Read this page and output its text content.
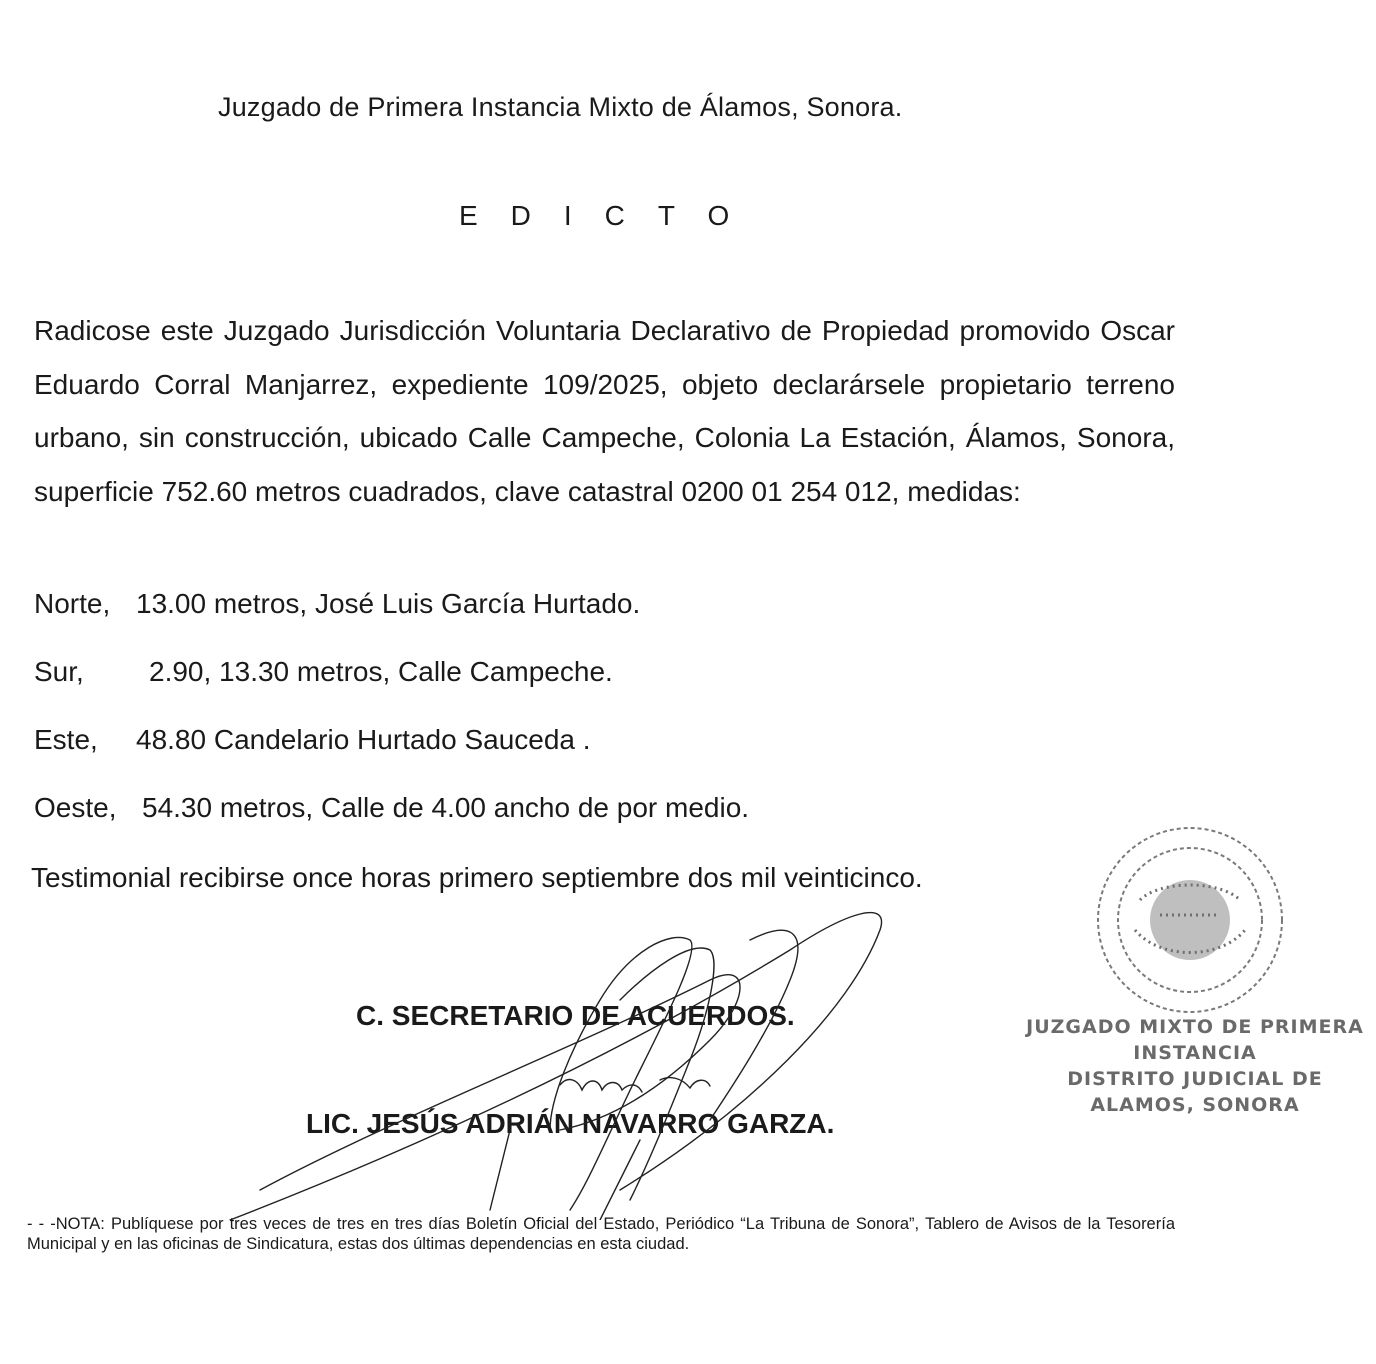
Juzgado de Primera Instancia Mixto de Álamos, Sonora.
EDICTO

Radicose este Juzgado Jurisdicción Voluntaria Declarativo de Propiedad promovido Oscar Eduardo Corral Manjarrez, expediente 109/2025, objeto declarársele propietario terreno urbano, sin construcción, ubicado Calle Campeche, Colonia La Estación, Álamos, Sonora, superficie 752.60 metros cuadrados, clave catastral 0200 01 254 012, medidas:

Norte, 13.00 metros, José Luis García Hurtado.
Sur, 2.90, 13.30 metros, Calle Campeche.
Este, 48.80 Candelario Hurtado Sauceda .
Oeste, 54.30 metros, Calle de 4.00 ancho de por medio.
Testimonial recibirse once horas primero septiembre dos mil veinticinco.
C. SECRETARIO DE ACUERDOS.
LIC. JESÚS ADRIÁN NAVARRO GARZA.
JUZGADO MIXTO DE PRIMERA
INSTANCIA
DISTRITO JUDICIAL DE
ALAMOS, SONORA

- - -NOTA: Publíquese por tres veces de tres en tres días Boletín Oficial del Estado, Periódico “La Tribuna de Sonora”, Tablero de Avisos de la Tesorería Municipal y en las oficinas de Sindicatura, estas dos últimas dependencias en esta ciudad.
